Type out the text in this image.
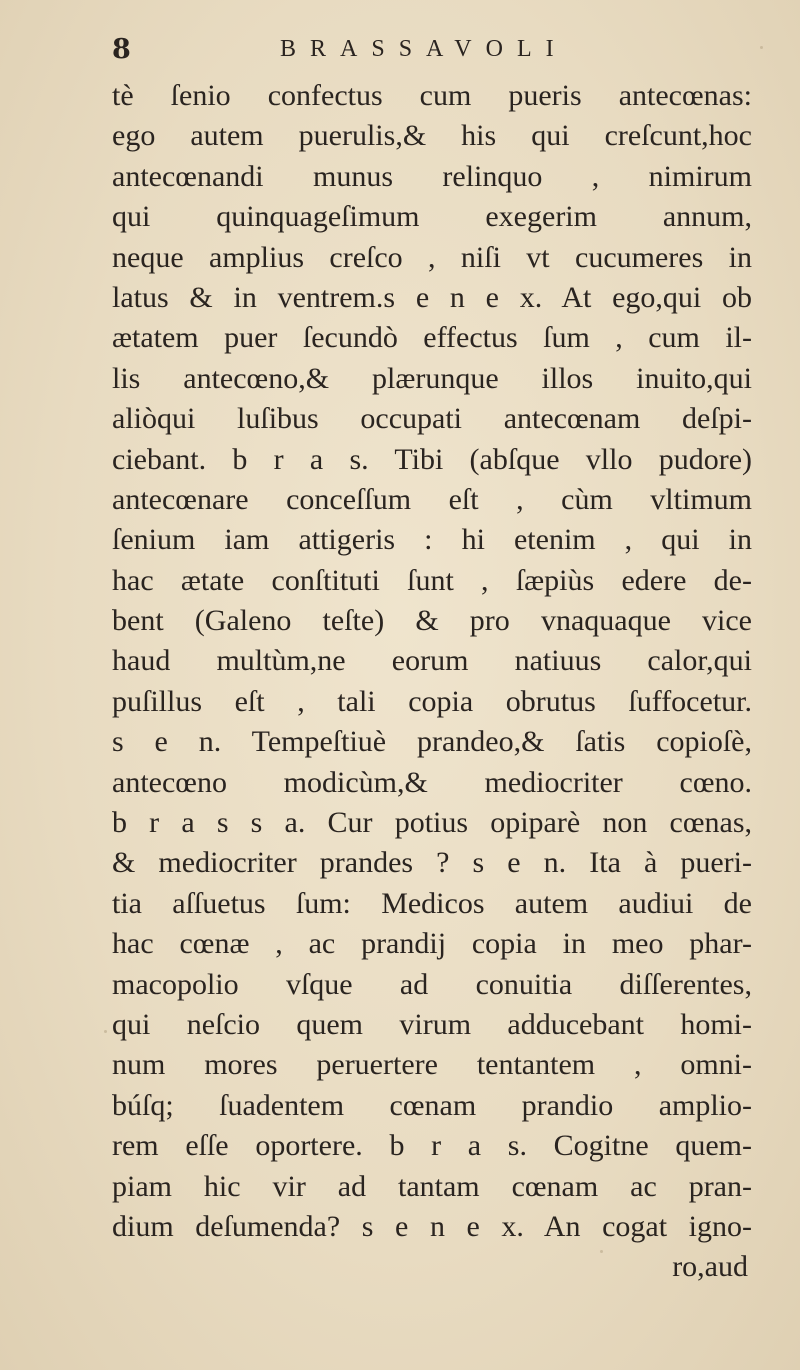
8	BRASSAVOLI
tè ſenio confectus cum pueris antecœnas:
ego autem puerulis,& his qui creſcunt,hoc
antecœnandi munus relinquo , nimirum
qui quinquageſimum exegerim annum,
neque amplius creſco , niſi vt cucumeres in
latus & in ventrem.s e n e x. At ego,qui ob
ætatem puer ſecundò effectus ſum , cum il-
lis antecœno,& plærunque illos inuito,qui
aliòqui luſibus occupati antecœnam deſpi-
ciebant. b r a s. Tibi (abſque vllo pudore)
antecœnare conceſſum eſt , cùm vltimum
ſenium iam attigeris : hi etenim , qui in
hac ætate conſtituti ſunt , ſæpiùs edere de-
bent (Galeno teſte) & pro vnaquaque vice
haud multùm,ne eorum natiuus calor,qui
puſillus eſt , tali copia obrutus ſuffocetur.
s e n. Tempeſtiuè prandeo,& ſatis copioſè,
antecœno modicùm,& mediocriter cœno.
b r a s s a. Cur potius opiparè non cœnas,
& mediocriter prandes ? s e n. Ita à pueri-
tia aſſuetus ſum: Medicos autem audiui de
hac cœnæ , ac prandij copia in meo phar-
macopolio vſque ad conuitia diſſerentes,
qui neſcio quem virum adducebant homi-
num mores peruertere tentantem , omni-
búſq; ſuadentem cœnam prandio amplio-
rem eſſe oportere. b r a s. Cogitne quem-
piam hic vir ad tantam cœnam ac pran-
dium deſumenda? s e n e x. An cogat igno-
ro,aud
